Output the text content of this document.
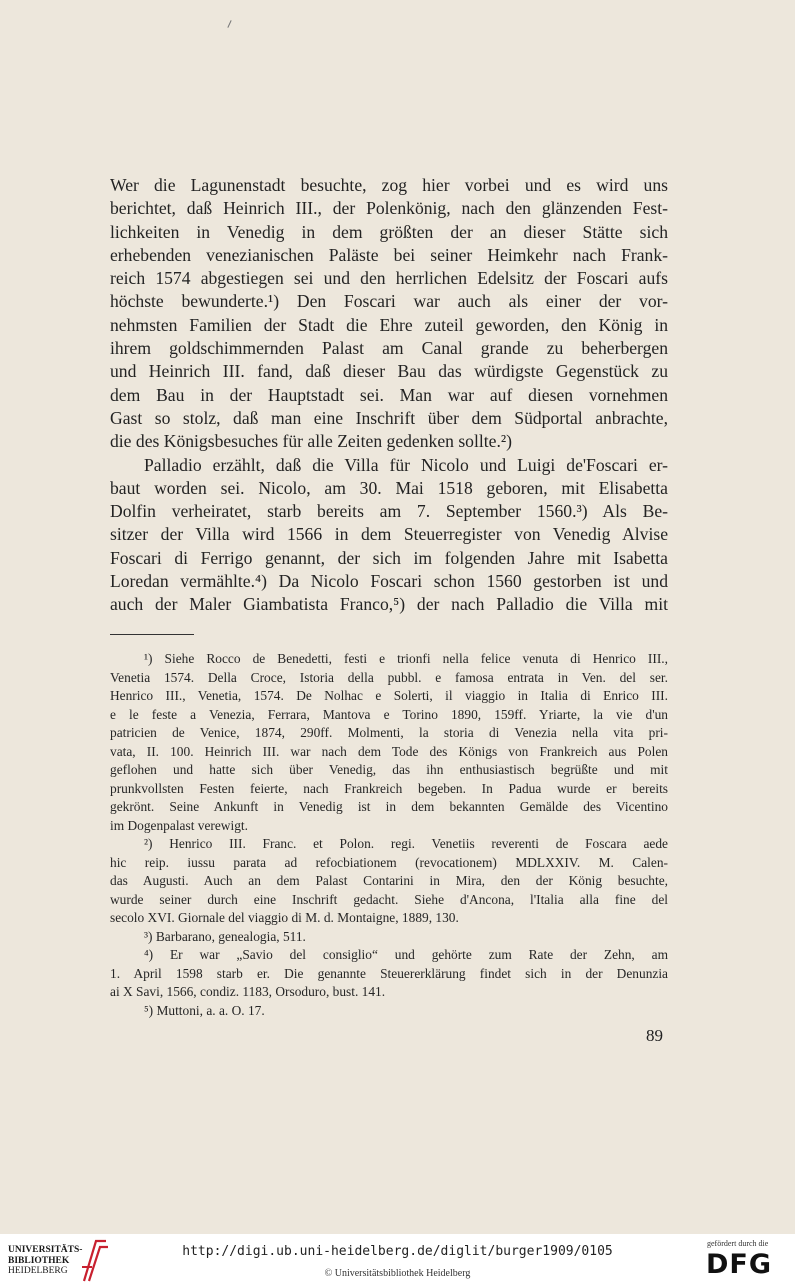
Wer die Lagunenstadt besuchte, zog hier vorbei und es wird uns
berichtet, daß Heinrich III., der Polenkönig, nach den glänzenden Fest-
lichkeiten in Venedig in dem größten der an dieser Stätte sich
erhebenden venezianischen Paläste bei seiner Heimkehr nach Frank-
reich 1574 abgestiegen sei und den herrlichen Edelsitz der Foscari aufs
höchste bewunderte.¹) Den Foscari war auch als einer der vor-
nehmsten Familien der Stadt die Ehre zuteil geworden, den König in
ihrem goldschimmernden Palast am Canal grande zu beherbergen
und Heinrich III. fand, daß dieser Bau das würdigste Gegenstück zu
dem Bau in der Hauptstadt sei. Man war auf diesen vornehmen
Gast so stolz, daß man eine Inschrift über dem Südportal anbrachte,
die des Königsbesuches für alle Zeiten gedenken sollte.²)
Palladio erzählt, daß die Villa für Nicolo und Luigi de'Foscari er-
baut worden sei. Nicolo, am 30. Mai 1518 geboren, mit Elisabetta
Dolfin verheiratet, starb bereits am 7. September 1560.³) Als Be-
sitzer der Villa wird 1566 in dem Steuerregister von Venedig Alvise
Foscari di Ferrigo genannt, der sich im folgenden Jahre mit Isabetta
Loredan vermählte.⁴) Da Nicolo Foscari schon 1560 gestorben ist und
auch der Maler Giambatista Franco,⁵) der nach Palladio die Villa mit
¹) Siehe Rocco de Benedetti, festi e trionfi nella felice venuta di Henrico III.,
Venetia 1574. Della Croce, Istoria della pubbl. e famosa entrata in Ven. del ser.
Henrico III., Venetia, 1574. De Nolhac e Solerti, il viaggio in Italia di Enrico III.
e le feste a Venezia, Ferrara, Mantova e Torino 1890, 159ff. Yriarte, la vie d'un
patricien de Venice, 1874, 290ff. Molmenti, la storia di Venezia nella vita pri-
vata, II. 100. Heinrich III. war nach dem Tode des Königs von Frankreich aus Polen
geflohen und hatte sich über Venedig, das ihn enthusiastisch begrüßte und mit
prunkvollsten Festen feierte, nach Frankreich begeben. In Padua wurde er bereits
gekrönt. Seine Ankunft in Venedig ist in dem bekannten Gemälde des Vicentino
im Dogenpalast verewigt.
²) Henrico III. Franc. et Polon. regi. Venetiis reverenti de Foscara aede
hic reip. iussu parata ad refocbiationem (revocationem) MDLXXIV. M. Calen-
das Augusti. Auch an dem Palast Contarini in Mira, den der König besuchte,
wurde seiner durch eine Inschrift gedacht. Siehe d'Ancona, l'Italia alla fine del
secolo XVI. Giornale del viaggio di M. d. Montaigne, 1889, 130.
³) Barbarano, genealogia, 511.
⁴) Er war „Savio del consiglio“ und gehörte zum Rate der Zehn, am
1. April 1598 starb er. Die genannte Steuererklärung findet sich in der Denunzia
ai X Savi, 1566, condiz. 1183, Orsoduro, bust. 141.
⁵) Muttoni, a. a. O. 17.
89
UNIVERSITÄTS-
BIBLIOTHEK
HEIDELBERG
http://digi.ub.uni-heidelberg.de/diglit/burger1909/0105
© Universitätsbibliothek Heidelberg
gefördert durch die
DFG
